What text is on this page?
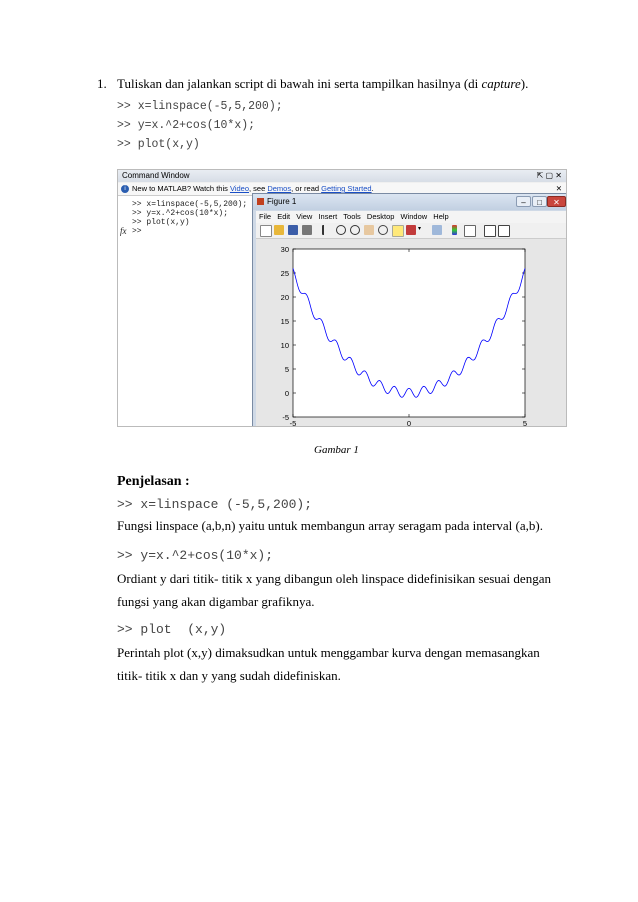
1. Tuliskan dan jalankan script di bawah ini serta tampilkan hasilnya (di capture).
>> x=linspace(-5,5,200);
>> y=x.^2+cos(10*x);
>> plot(x,y)
Command Window	⇱ ▢ ✕
i New to MATLAB? Watch this Video, see Demos, or read Getting Started.	✕
>> x=linspace(-5,5,200);
>> y=x.^2+cos(10*x);
>> plot(x,y)
fx >>
Figure 1	–	□	✕
File Edit View Insert Tools Desktop Window Help
▾
30
25
20
15
10
5
0
-5
-5	0	5
Gambar 1
Penjelasan :
>> x=linspace (-5,5,200);
Fungsi linspace (a,b,n) yaitu untuk membangun array seragam pada interval (a,b).
>> y=x.^2+cos(10*x);
Ordiant y dari titik- titik x yang dibangun oleh linspace didefinisikan sesuai dengan
fungsi yang akan digambar grafiknya.
>> plot  (x,y)
Perintah plot (x,y) dimaksudkan untuk menggambar kurva dengan memasangkan
titik- titik x dan y yang sudah didefiniskan.
